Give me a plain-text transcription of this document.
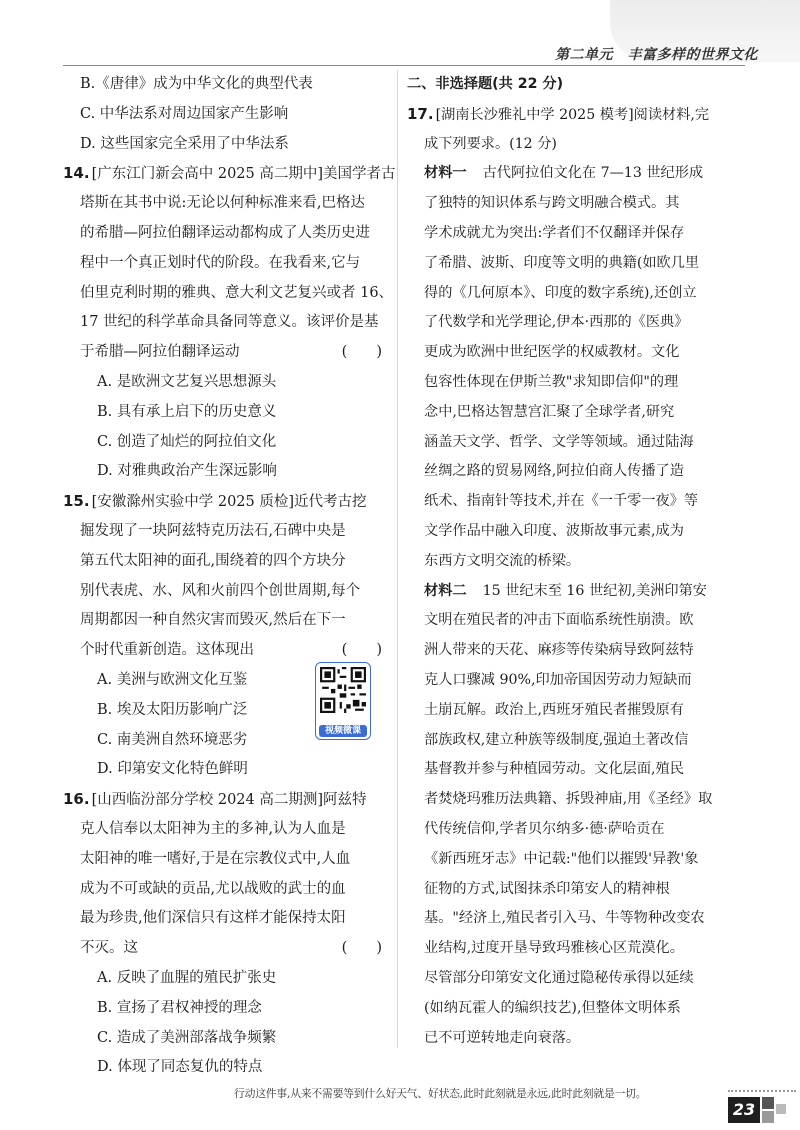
第二单元　丰富多样的世界文化
B.《唐律》成为中华文化的典型代表
C. 中华法系对周边国家产生影响
D. 这些国家完全采用了中华法系
14. [广东江门新会高中 2025 高二期中]美国学者古
塔斯在其书中说:无论以何种标准来看,巴格达
的希腊—阿拉伯翻译运动都构成了人类历史进
程中一个真正划时代的阶段。在我看来,它与
伯里克利时期的雅典、意大利文艺复兴或者 16、
17 世纪的科学革命具备同等意义。该评价是基
于希腊—阿拉伯翻译运动	(　　)
A. 是欧洲文艺复兴思想源头
B. 具有承上启下的历史意义
C. 创造了灿烂的阿拉伯文化
D. 对雅典政治产生深远影响
15. [安徽滁州实验中学 2025 质检]近代考古挖
掘发现了一块阿兹特克历法石,石碑中央是
第五代太阳神的面孔,围绕着的四个方块分
别代表虎、水、风和火前四个创世周期,每个
周期都因一种自然灾害而毁灭,然后在下一
个时代重新创造。这体现出	(　　)
A. 美洲与欧洲文化互鉴
B. 埃及太阳历影响广泛
C. 南美洲自然环境恶劣
D. 印第安文化特色鲜明
16. [山西临汾部分学校 2024 高二期测]阿兹特
克人信奉以太阳神为主的多神,认为人血是
太阳神的唯一嗜好,于是在宗教仪式中,人血
成为不可或缺的贡品,尤以战败的武士的血
最为珍贵,他们深信只有这样才能保持太阳
不灭。这	(　　)
A. 反映了血腥的殖民扩张史
B. 宣扬了君权神授的理念
C. 造成了美洲部落战争频繁
D. 体现了同态复仇的特点
视频微课
二、非选择题(共 22 分)
17. [湖南长沙雅礼中学 2025 模考]阅读材料,完
成下列要求。(12 分)
材料一 古代阿拉伯文化在 7—13 世纪形成
了独特的知识体系与跨文明融合模式。其
学术成就尤为突出:学者们不仅翻译并保存
了希腊、波斯、印度等文明的典籍(如欧几里
得的《几何原本》、印度的数字系统),还创立
了代数学和光学理论,伊本·西那的《医典》
更成为欧洲中世纪医学的权威教材。文化
包容性体现在伊斯兰教"求知即信仰"的理
念中,巴格达智慧宫汇聚了全球学者,研究
涵盖天文学、哲学、文学等领域。通过陆海
丝绸之路的贸易网络,阿拉伯商人传播了造
纸术、指南针等技术,并在《一千零一夜》等
文学作品中融入印度、波斯故事元素,成为
东西方文明交流的桥梁。
材料二 15 世纪末至 16 世纪初,美洲印第安
文明在殖民者的冲击下面临系统性崩溃。欧
洲人带来的天花、麻疹等传染病导致阿兹特
克人口骤减 90%,印加帝国因劳动力短缺而
土崩瓦解。政治上,西班牙殖民者摧毁原有
部族政权,建立种族等级制度,强迫土著改信
基督教并参与种植园劳动。文化层面,殖民
者焚烧玛雅历法典籍、拆毁神庙,用《圣经》取
代传统信仰,学者贝尔纳多·德·萨哈贡在
《新西班牙志》中记载:"他们以摧毁'异教'象
征物的方式,试图抹杀印第安人的精神根
基。"经济上,殖民者引入马、牛等物种改变农
业结构,过度开垦导致玛雅核心区荒漠化。
尽管部分印第安文化通过隐秘传承得以延续
(如纳瓦霍人的编织技艺),但整体文明体系
已不可逆转地走向衰落。
行动这件事,从来不需要等到什么好天气、好状态,此时此刻就是永远,此时此刻就是一切。
23
